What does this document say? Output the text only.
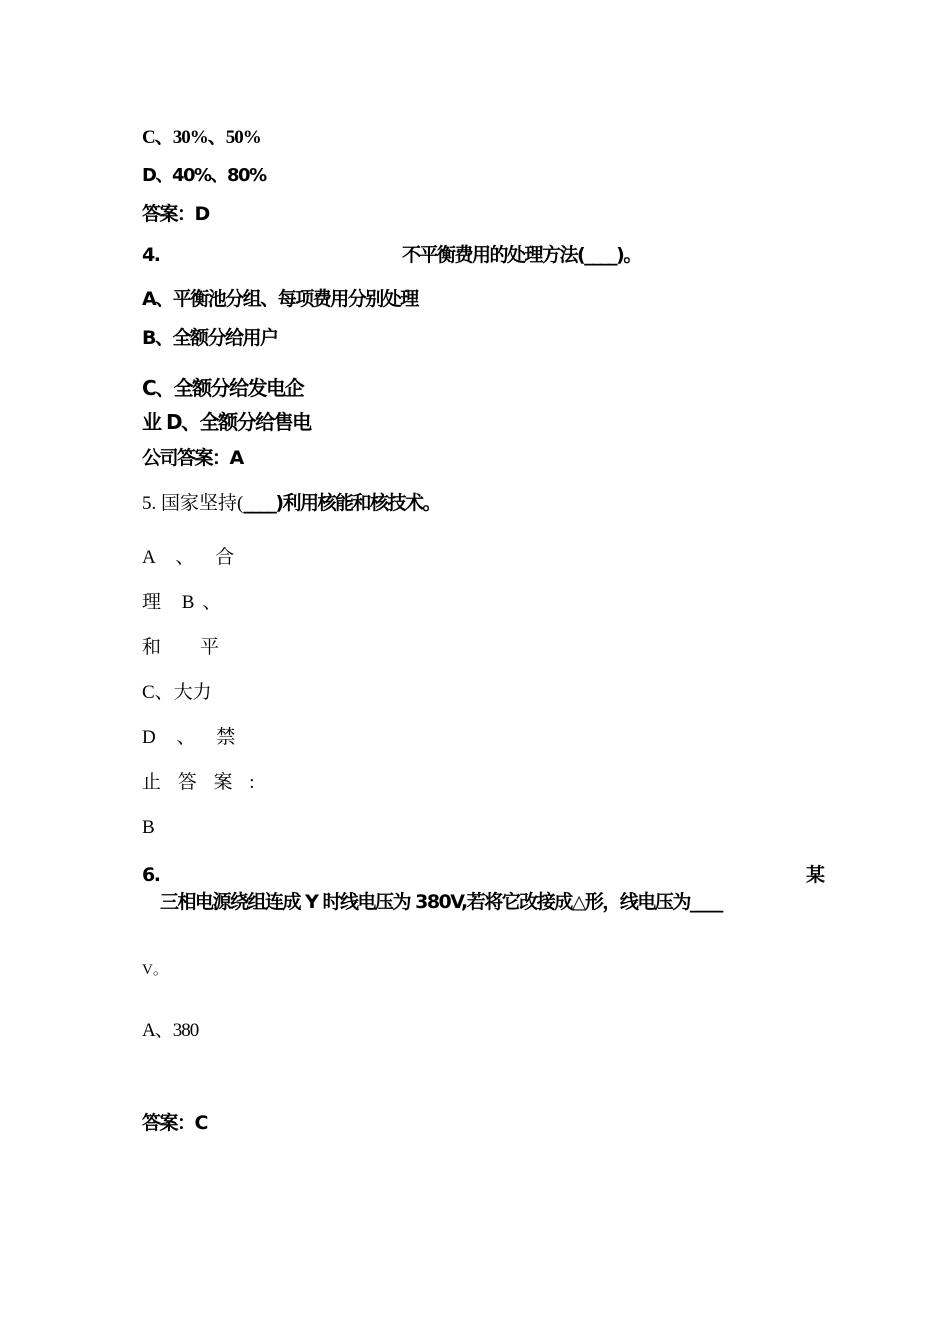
C、30%、50%
D、40%、80%
答案：D
4.	不平衡费用的处理方法(____)。
A、平衡池分组、每项费用分别处理
B、全额分给用户
C、全额分给发电企
业 D、全额分给售电
公司答案：A
5. 国家坚持(____)利用核能和核技术。
A 、 合
理 B、
和    平
C、大力
D 、 禁
止 答 案 :
B
6.	某
三相电源绕组连成 Y 时线电压为 380V,若将它改接成△形，线电压为____
V。
A、380
答案：C
